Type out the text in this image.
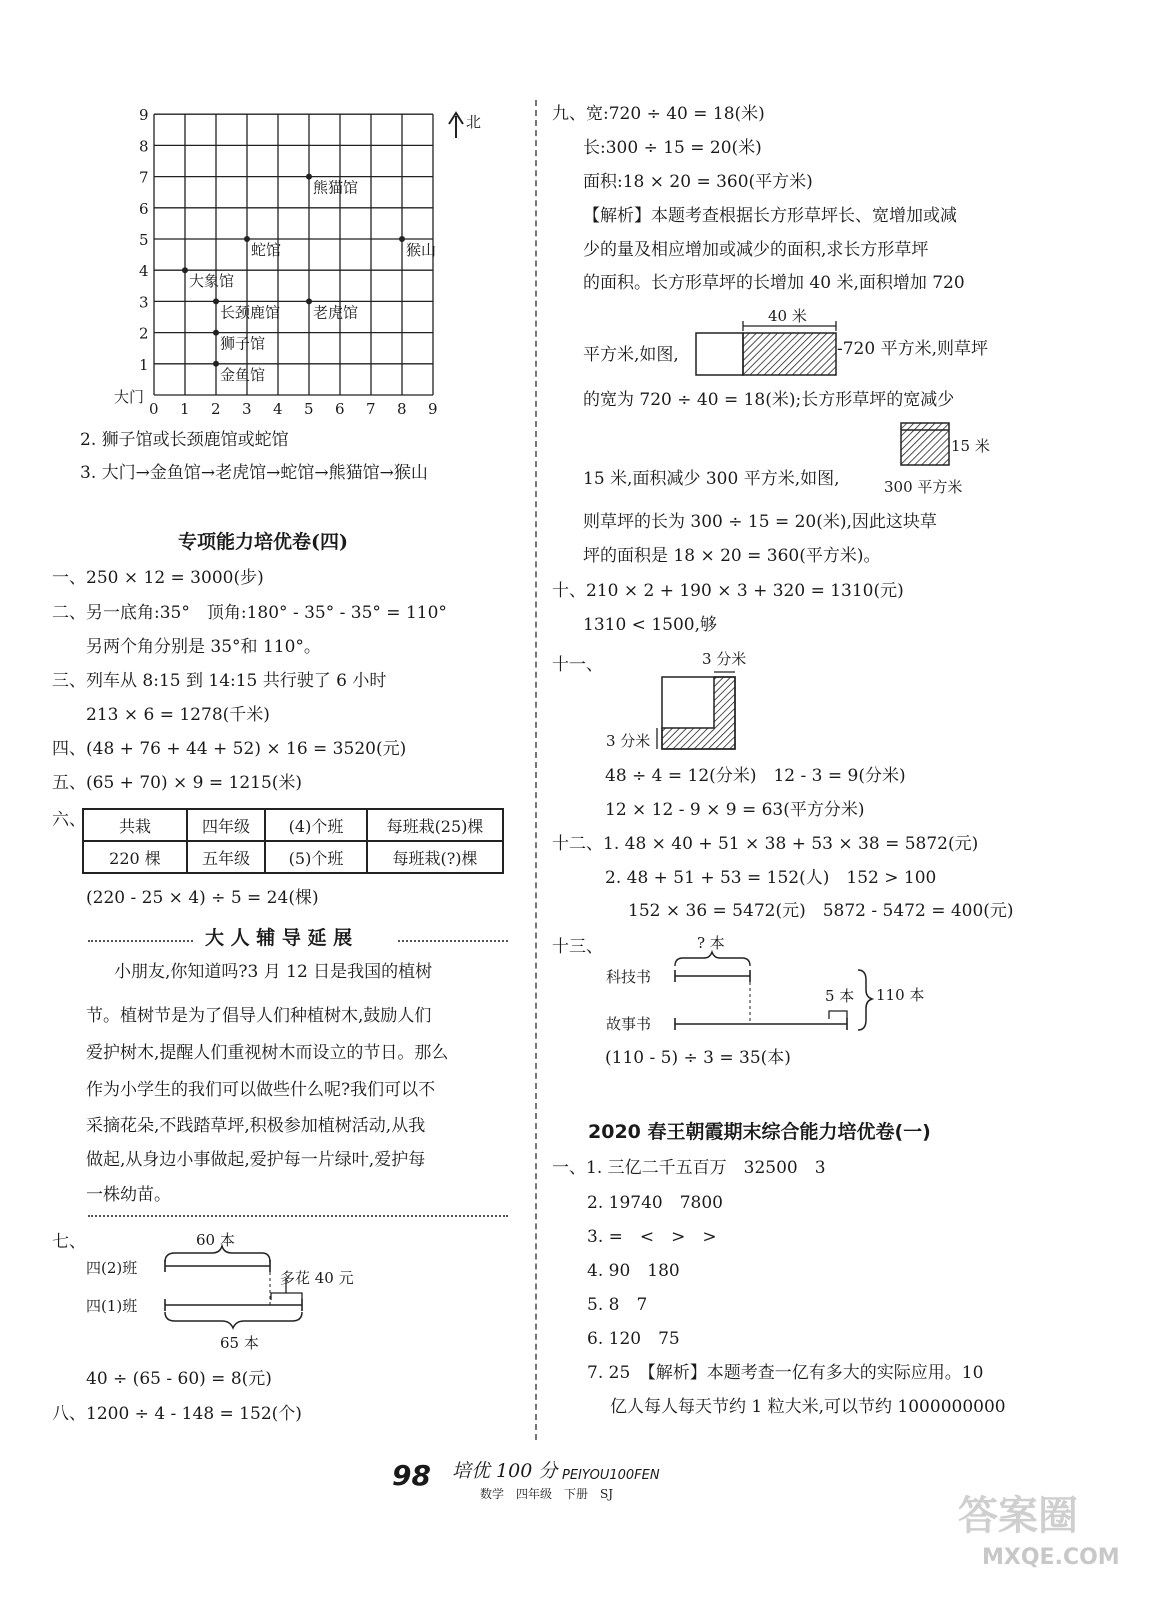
0 1 2 3 4 5 6 7 8 9
1
2
3
4
5
6
7
8
9
大门
北
熊猫馆
蛇馆	猴山
大象馆
长颈鹿馆 老虎馆
狮子馆
金鱼馆
2. 狮子馆或长颈鹿馆或蛇馆
3. 大门→金鱼馆→老虎馆→蛇馆→熊猫馆→猴山
专项能力培优卷(四)
一、250 × 12 = 3000(步)
二、另一底角:35°　顶角:180° - 35° - 35° = 110°
另两个角分别是 35°和 110°。
三、列车从 8:15 到 14:15 共行驶了 6 小时
213 × 6 = 1278(千米)
四、(48 + 76 + 44 + 52) × 16 = 3520(元)
五、(65 + 70) × 9 = 1215(米)
六、 共栽	四年级	(4)个班	每班栽(25)棵
220 棵	五年级	(5)个班	每班栽(?)棵
(220 - 25 × 4) ÷ 5 = 24(棵)
大 人 辅 导 延 展
小朋友,你知道吗?3 月 12 日是我国的植树
节。植树节是为了倡导人们种植树木,鼓励人们
爱护树木,提醒人们重视树木而设立的节日。那么
作为小学生的我们可以做些什么呢?我们可以不
采摘花朵,不践踏草坪,积极参加植树活动,从我
做起,从身边小事做起,爱护每一片绿叶,爱护每
一株幼苗。
七、	60 本
四(2)班
四(1)班
多花 40 元
65 本
40 ÷ (65 - 60) = 8(元)
八、1200 ÷ 4 - 148 = 152(个)
九、宽:720 ÷ 40 = 18(米)
长:300 ÷ 15 = 20(米)
面积:18 × 20 = 360(平方米)
【解析】本题考查根据长方形草坪长、宽增加或减
少的量及相应增加或减少的面积,求长方形草坪
的面积。长方形草坪的长增加 40 米,面积增加 720
平方米,如图,	-720 平方米,则草坪
的宽为 720 ÷ 40 = 18(米);长方形草坪的宽减少
15 米,面积减少 300 平方米,如图,
则草坪的长为 300 ÷ 15 = 20(米),因此这块草
坪的面积是 18 × 20 = 360(平方米)。
40 米
15 米
300 平方米
3 分米
3 分米
? 本
科技书
故事书
5 本 110 本
十、210 × 2 + 190 × 3 + 320 = 1310(元)
1310 < 1500,够
十一、
48 ÷ 4 = 12(分米)　12 - 3 = 9(分米)
12 × 12 - 9 × 9 = 63(平方分米)
十二、1. 48 × 40 + 51 × 38 + 53 × 38 = 5872(元)
2. 48 + 51 + 53 = 152(人)　152 > 100
152 × 36 = 5472(元)　5872 - 5472 = 400(元)
十三、
(110 - 5) ÷ 3 = 35(本)
2020 春王朝霞期末综合能力培优卷(一)
一、1. 三亿二千五百万　32500　3
2. 19740　7800
3. =　<　>　>
4. 90　180
5. 8　7
6. 120　75
7. 25　【解析】本题考查一亿有多大的实际应用。10
亿人每人每天节约 1 粒大米,可以节约 1000000000
98 培优 100 分 PEIYOU100FEN
数学　四年级　下册　SJ	答案圈
MXQE.COM
